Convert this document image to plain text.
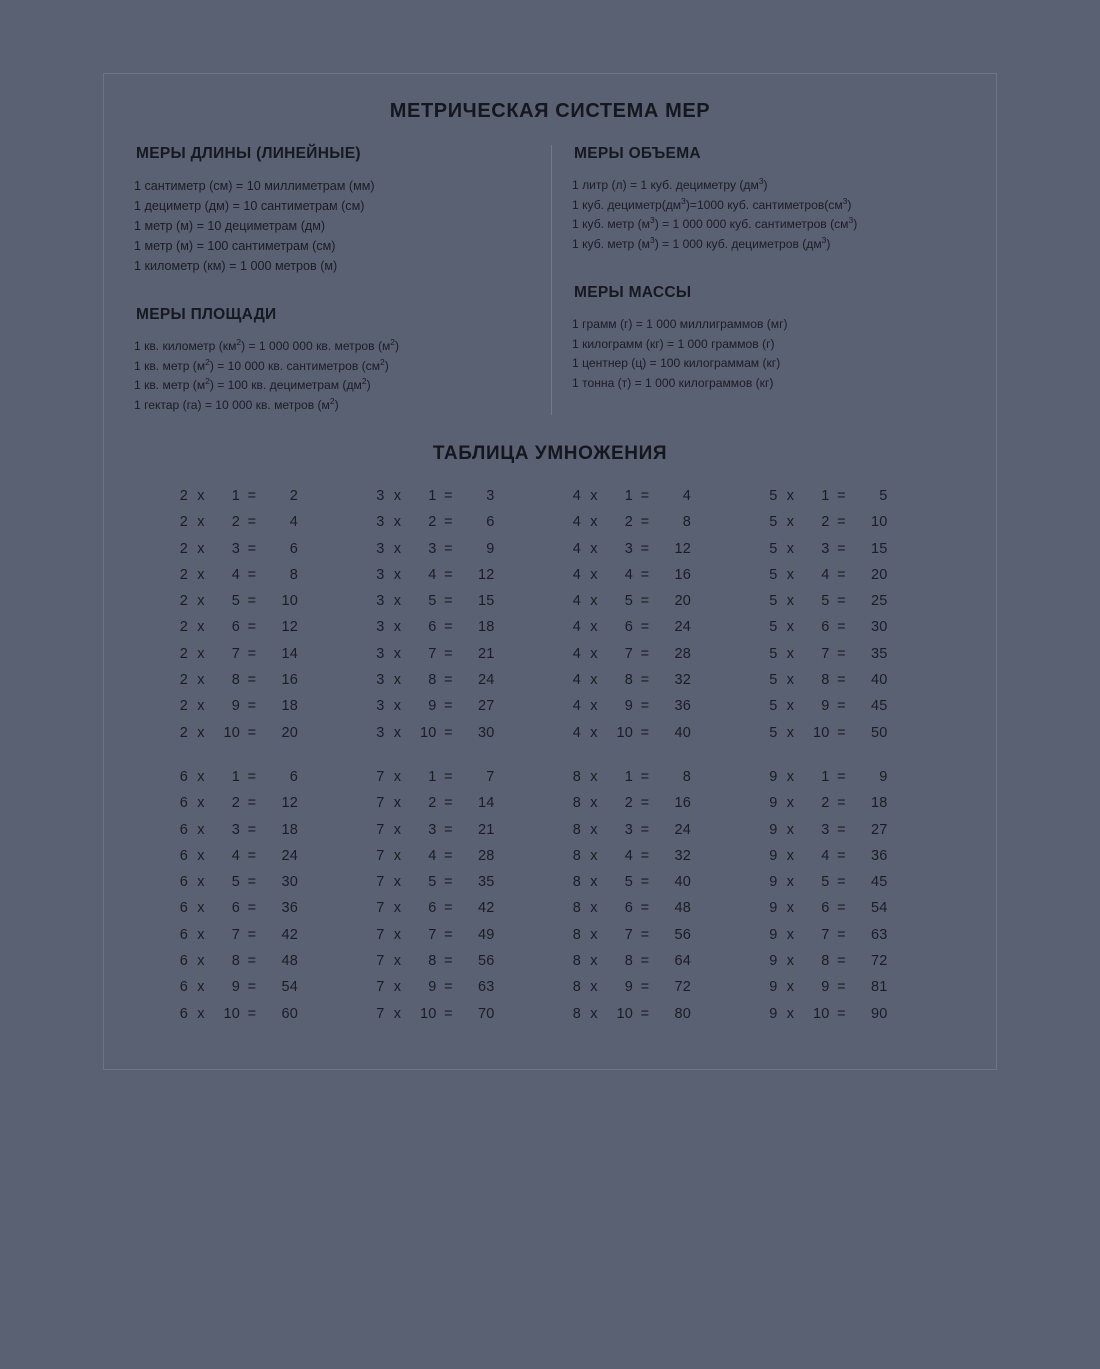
МЕТРИЧЕСКАЯ СИСТЕМА МЕР
МЕРЫ ДЛИНЫ (ЛИНЕЙНЫЕ)
1 сантиметр (см) = 10 миллиметрам (мм)
1 дециметр (дм) = 10 сантиметрам (см)
1 метр (м) = 10 дециметрам (дм)
1 метр (м) = 100 сантиметрам (см)
1 километр (км) = 1 000 метров (м)
МЕРЫ ПЛОЩАДИ
1 кв. километр $(км^2) = 1$ 000 000 кв. метров $(м^2)$
1 кв. метр $(м^2) = 10$ 000 кв. сантиметров $(см^2)$
1 кв. метр $(м^2) = 100$ кв. дециметрам $(дм^2)$
1 гектар (га) = 10 000 кв. метров $(м^2)$
МЕРЫ ОБЪЕМА
1 литр (л) = 1 куб. дециметру $(дм^3)$
1 куб. $дециметр(дм^3)=1000$ куб. $сантиметров(см^3)$
1 куб. метр $(м^3) = 1$ 000 000 куб. сантиметров $(см^3)$
1 куб. метр $(м^3) = 1$ 000 куб. дециметров $(дм^3)$
МЕРЫ МАССЫ
1 грамм (г) = 1 000 миллиграммов (мг)
1 килограмм (кг) = 1 000 граммов (г)
1 центнер (ц) = 100 килограммам (кг)
1 тонна (т) = 1 000 килограммов (кг)
ТАБЛИЦА УМНОЖЕНИЯ
2 x	1 =	2
2 x	2 =	4
2 x	3 =	6
2 x	4 =	8
2 x	5 =	10
2 x	6 =	12
2 x	7 =	14
2 x	8 =	16
2 x	9 =	18
2 x	10 =	20
3 x	1 =	3
3 x	2 =	6
3 x	3 =	9
3 x	4 =	12
3 x	5 =	15
3 x	6 =	18
3 x	7 =	21
3 x	8 =	24
3 x	9 =	27
3 x	10 =	30
4 x	1 =	4
4 x	2 =	8
4 x	3 =	12
4 x	4 =	16
4 x	5 =	20
4 x	6 =	24
4 x	7 =	28
4 x	8 =	32
4 x	9 =	36
4 x	10 =	40
5 x	1 =	5
5 x	2 =	10
5 x	3 =	15
5 x	4 =	20
5 x	5 =	25
5 x	6 =	30
5 x	7 =	35
5 x	8 =	40
5 x	9 =	45
5 x	10 =	50
6 x	1 =	6
6 x	2 =	12
6 x	3 =	18
6 x	4 =	24
6 x	5 =	30
6 x	6 =	36
6 x	7 =	42
6 x	8 =	48
6 x	9 =	54
6 x	10 =	60
7 x	1 =	7
7 x	2 =	14
7 x	3 =	21
7 x	4 =	28
7 x	5 =	35
7 x	6 =	42
7 x	7 =	49
7 x	8 =	56
7 x	9 =	63
7 x	10 =	70
8 x	1 =	8
8 x	2 =	16
8 x	3 =	24
8 x	4 =	32
8 x	5 =	40
8 x	6 =	48
8 x	7 =	56
8 x	8 =	64
8 x	9 =	72
8 x	10 =	80
9 x	1 =	9
9 x	2 =	18
9 x	3 =	27
9 x	4 =	36
9 x	5 =	45
9 x	6 =	54
9 x	7 =	63
9 x	8 =	72
9 x	9 =	81
9 x	10 =	90
